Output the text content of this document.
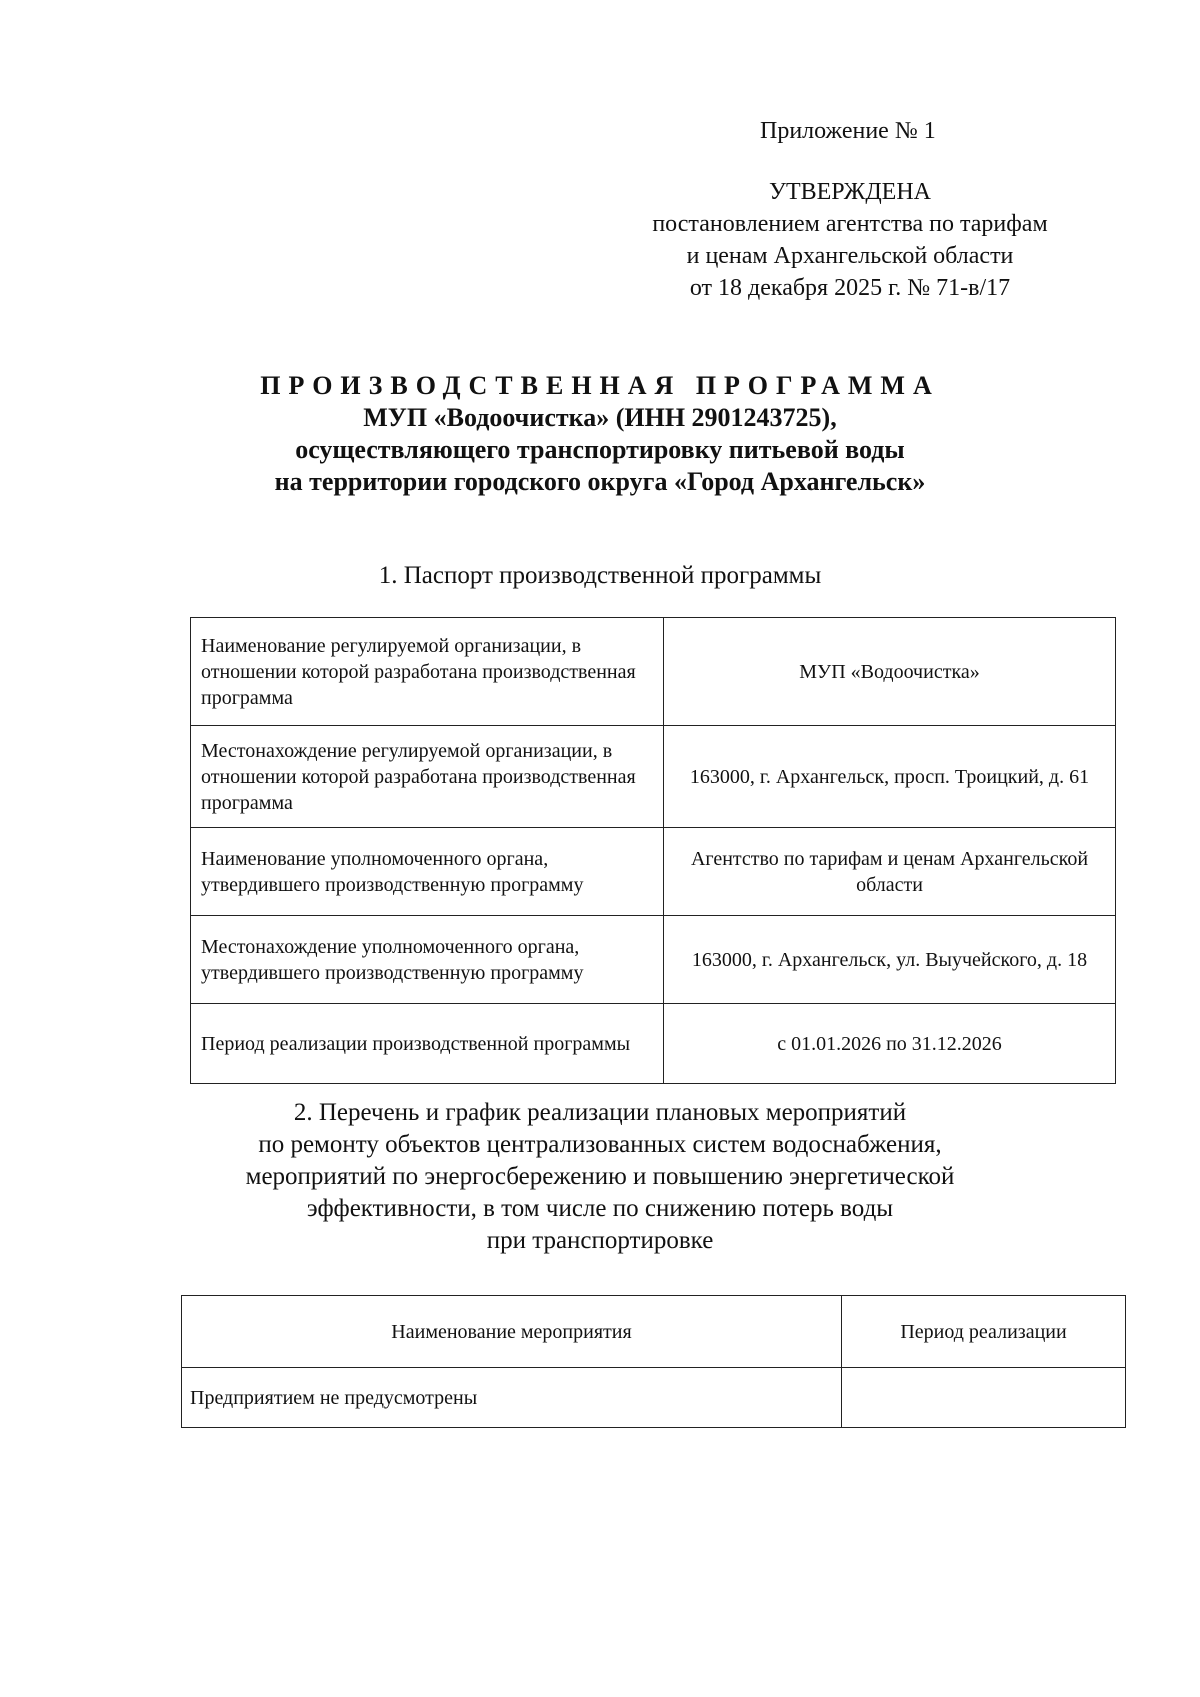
Приложение № 1
УТВЕРЖДЕНА
постановлением агентства по тарифам
и ценам Архангельской области
от 18 декабря 2025 г. № 71-в/17
ПРОИЗВОДСТВЕННАЯ ПРОГРАММА
МУП «Водоочистка» (ИНН 2901243725),
осуществляющего транспортировку питьевой воды
на территории городского округа «Город Архангельск»
1. Паспорт производственной программы
Наименование регулируемой организации, в отношении которой разработана производственная программа	МУП «Водоочистка»
Местонахождение регулируемой организации, в отношении которой разработана производственная программа	163000, г. Архангельск, просп. Троицкий, д. 61
Наименование уполномоченного органа, утвердившего производственную программу	Агентство по тарифам и ценам Архангельской области
Местонахождение уполномоченного органа, утвердившего производственную программу	163000, г. Архангельск, ул. Выучейского, д. 18
Период реализации производственной программы	с 01.01.2026 по 31.12.2026
2. Перечень и график реализации плановых мероприятий
по ремонту объектов централизованных систем водоснабжения,
мероприятий по энергосбережению и повышению энергетической
эффективности, в том числе по снижению потерь воды
при транспортировке
Наименование мероприятия	Период реализации
Предприятием не предусмотрены	
